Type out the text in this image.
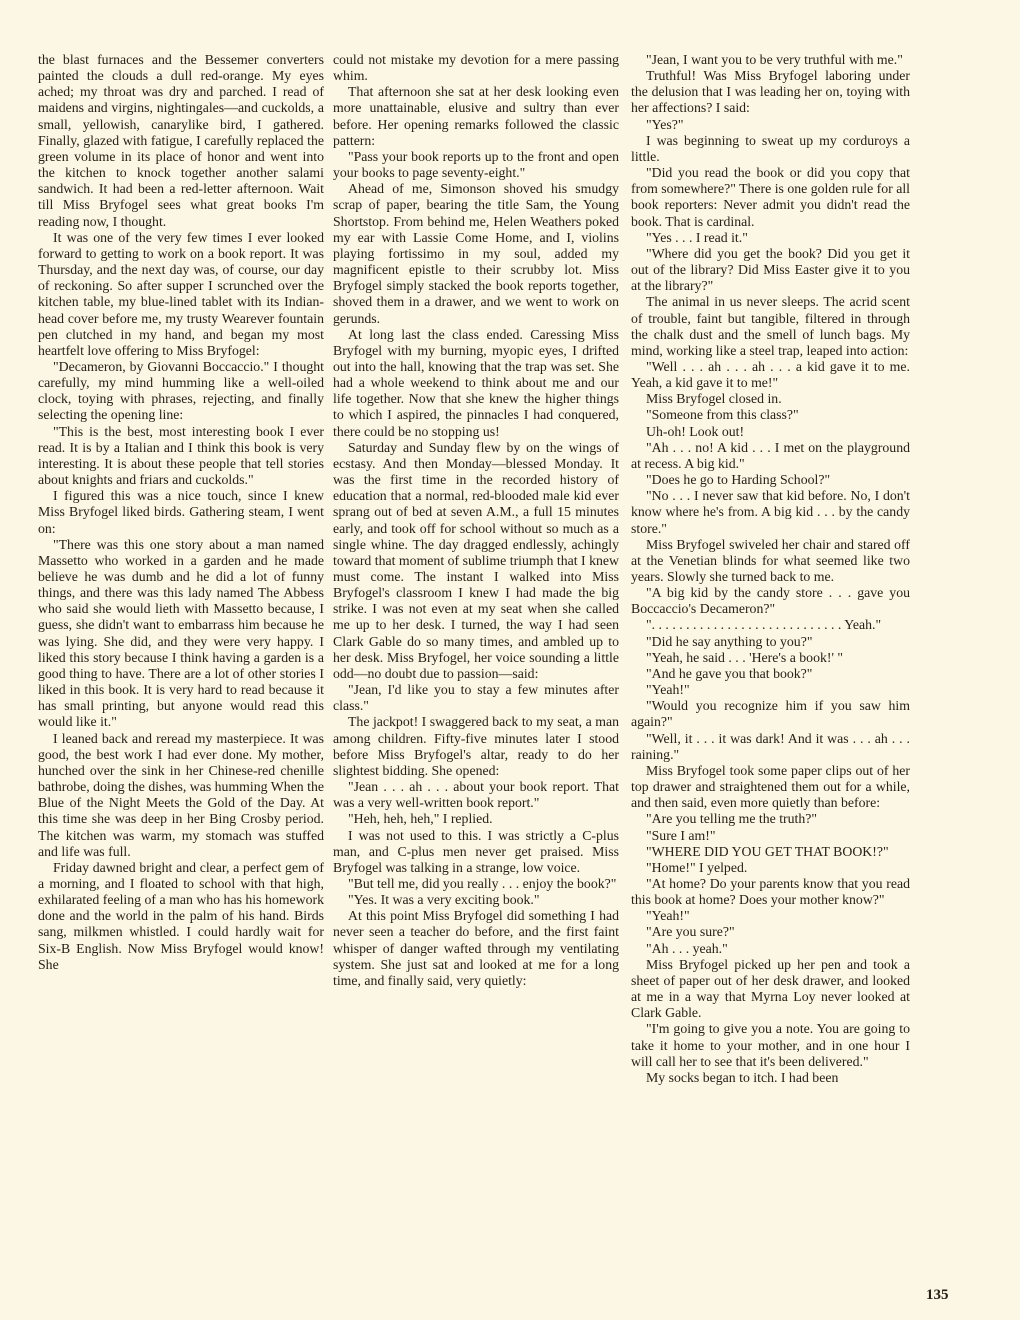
the blast furnaces and the Bessemer converters painted the clouds a dull red-orange. My eyes ached; my throat was dry and parched. I read of maidens and virgins, nightingales—and cuckolds, a small, yellowish, canarylike bird, I gathered. Finally, glazed with fatigue, I carefully replaced the green volume in its place of honor and went into the kitchen to knock together another salami sandwich. It had been a red-letter afternoon. Wait till Miss Bryfogel sees what great books I'm reading now, I thought.

It was one of the very few times I ever looked forward to getting to work on a book report. It was Thursday, and the next day was, of course, our day of reckoning. So after supper I scrunched over the kitchen table, my blue-lined tablet with its Indian-head cover before me, my trusty Wearever fountain pen clutched in my hand, and began my most heartfelt love offering to Miss Bryfogel:

"Decameron, by Giovanni Boccaccio." I thought carefully, my mind humming like a well-oiled clock, toying with phrases, rejecting, and finally selecting the opening line:

"This is the best, most interesting book I ever read. It is by a Italian and I think this book is very interesting. It is about these people that tell stories about knights and friars and cuckolds."

I figured this was a nice touch, since I knew Miss Bryfogel liked birds. Gathering steam, I went on:

"There was this one story about a man named Massetto who worked in a garden and he made believe he was dumb and he did a lot of funny things, and there was this lady named The Abbess who said she would lieth with Massetto because, I guess, she didn't want to embarrass him because he was lying. She did, and they were very happy. I liked this story because I think having a garden is a good thing to have. There are a lot of other stories I liked in this book. It is very hard to read because it has small printing, but anyone would read this would like it."

I leaned back and reread my masterpiece. It was good, the best work I had ever done. My mother, hunched over the sink in her Chinese-red chenille bathrobe, doing the dishes, was humming When the Blue of the Night Meets the Gold of the Day. At this time she was deep in her Bing Crosby period. The kitchen was warm, my stomach was stuffed and life was full.

Friday dawned bright and clear, a perfect gem of a morning, and I floated to school with that high, exhilarated feeling of a man who has his homework done and the world in the palm of his hand. Birds sang, milkmen whistled. I could hardly wait for Six-B English. Now Miss Bryfogel would know! She

could not mistake my devotion for a mere passing whim.

That afternoon she sat at her desk looking even more unattainable, elusive and sultry than ever before. Her opening remarks followed the classic pattern:

"Pass your book reports up to the front and open your books to page seventy-eight."

Ahead of me, Simonson shoved his smudgy scrap of paper, bearing the title Sam, the Young Shortstop. From behind me, Helen Weathers poked my ear with Lassie Come Home, and I, violins playing fortissimo in my soul, added my magnificent epistle to their scrubby lot. Miss Bryfogel simply stacked the book reports together, shoved them in a drawer, and we went to work on gerunds.

At long last the class ended. Caressing Miss Bryfogel with my burning, myopic eyes, I drifted out into the hall, knowing that the trap was set. She had a whole weekend to think about me and our life together. Now that she knew the higher things to which I aspired, the pinnacles I had conquered, there could be no stopping us!

Saturday and Sunday flew by on the wings of ecstasy. And then Monday—blessed Monday. It was the first time in the recorded history of education that a normal, red-blooded male kid ever sprang out of bed at seven A.M., a full 15 minutes early, and took off for school without so much as a single whine. The day dragged endlessly, achingly toward that moment of sublime triumph that I knew must come. The instant I walked into Miss Bryfogel's classroom I knew I had made the big strike. I was not even at my seat when she called me up to her desk. I turned, the way I had seen Clark Gable do so many times, and ambled up to her desk. Miss Bryfogel, her voice sounding a little odd—no doubt due to passion—said:

"Jean, I'd like you to stay a few minutes after class."

The jackpot! I swaggered back to my seat, a man among children. Fifty-five minutes later I stood before Miss Bryfogel's altar, ready to do her slightest bidding. She opened:

"Jean . . . ah . . . about your book report. That was a very well-written book report."

"Heh, heh, heh," I replied.

I was not used to this. I was strictly a C-plus man, and C-plus men never get praised. Miss Bryfogel was talking in a strange, low voice.

"But tell me, did you really . . . enjoy the book?"

"Yes. It was a very exciting book."

At this point Miss Bryfogel did something I had never seen a teacher do before, and the first faint whisper of danger wafted through my ventilating system. She just sat and looked at me for a long time, and finally said, very quietly:

"Jean, I want you to be very truthful with me."

Truthful! Was Miss Bryfogel laboring under the delusion that I was leading her on, toying with her affections? I said:

"Yes?"

I was beginning to sweat up my corduroys a little.

"Did you read the book or did you copy that from somewhere?" There is one golden rule for all book reporters: Never admit you didn't read the book. That is cardinal.

"Yes . . . I read it."

"Where did you get the book? Did you get it out of the library? Did Miss Easter give it to you at the library?"

The animal in us never sleeps. The acrid scent of trouble, faint but tangible, filtered in through the chalk dust and the smell of lunch bags. My mind, working like a steel trap, leaped into action:

"Well . . . ah . . . ah . . . a kid gave it to me. Yeah, a kid gave it to me!"

Miss Bryfogel closed in.

"Someone from this class?"

Uh-oh! Look out!

"Ah . . . no! A kid . . . I met on the playground at recess. A big kid."

"Does he go to Harding School?"

"No . . . I never saw that kid before. No, I don't know where he's from. A big kid . . . by the candy store."

Miss Bryfogel swiveled her chair and stared off at the Venetian blinds for what seemed like two years. Slowly she turned back to me.

"A big kid by the candy store . . . gave you Boccaccio's Decameron?"

". . . . . . . . . . . . . . . . . . . . . . . . . . . . Yeah."

"Did he say anything to you?"

"Yeah, he said . . . 'Here's a book!' "

"And he gave you that book?"

"Yeah!"

"Would you recognize him if you saw him again?"

"Well, it . . . it was dark! And it was . . . ah . . . raining."

Miss Bryfogel took some paper clips out of her top drawer and straightened them out for a while, and then said, even more quietly than before:

"Are you telling me the truth?"

"Sure I am!"

"WHERE DID YOU GET THAT BOOK!?"

"Home!" I yelped.

"At home? Do your parents know that you read this book at home? Does your mother know?"

"Yeah!"

"Are you sure?"

"Ah . . . yeah."

Miss Bryfogel picked up her pen and took a sheet of paper out of her desk drawer, and looked at me in a way that Myrna Loy never looked at Clark Gable.

"I'm going to give you a note. You are going to take it home to your mother, and in one hour I will call her to see that it's been delivered."

My socks began to itch. I had been

135
